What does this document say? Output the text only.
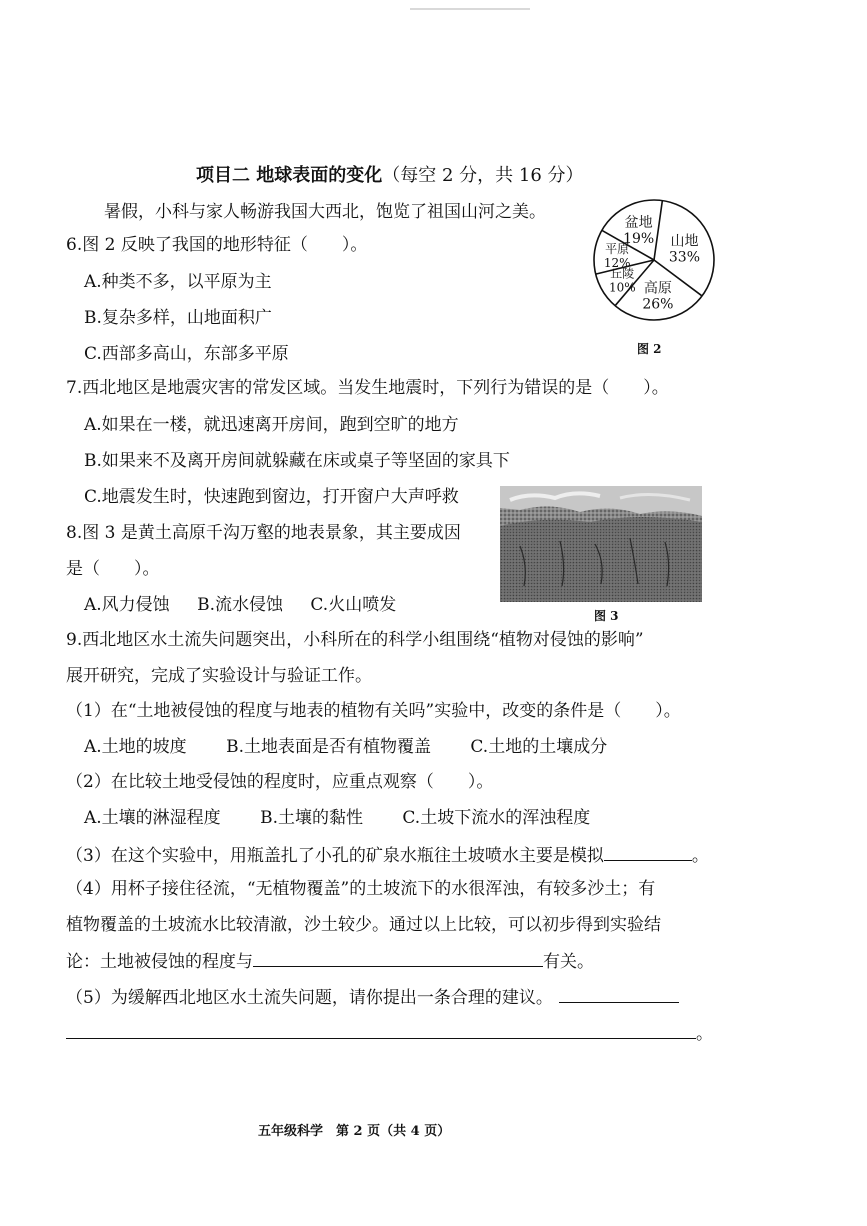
项目二 地球表面的变化（每空 2 分，共 16 分）
暑假，小科与家人畅游我国大西北，饱览了祖国山河之美。
6.图 2 反映了我国的地形特征（　　）。
A.种类不多，以平原为主
B.复杂多样，山地面积广
C.西部多高山，东部多平原
山地
33%
高原
26%
丘陵
10%
平原
12%
盆地
19%
图 2
7.西北地区是地震灾害的常发区域。当发生地震时，下列行为错误的是（　　）。
A.如果在一楼，就迅速离开房间，跑到空旷的地方
B.如果来不及离开房间就躲藏在床或桌子等坚固的家具下
C.地震发生时，快速跑到窗边，打开窗户大声呼救
8.图 3 是黄土高原千沟万壑的地表景象，其主要成因
是（　　）。
A.风力侵蚀 B.流水侵蚀 C.火山喷发
图 3
9.西北地区水土流失问题突出，小科所在的科学小组围绕“植物对侵蚀的影响”
展开研究，完成了实验设计与验证工作。
（1）在“土地被侵蚀的程度与地表的植物有关吗”实验中，改变的条件是（　　）。
A.土地的坡度 B.土地表面是否有植物覆盖 C.土地的土壤成分
（2）在比较土地受侵蚀的程度时，应重点观察（　　）。
A.土壤的淋湿程度 B.土壤的黏性 C.土坡下流水的浑浊程度
（3）在这个实验中，用瓶盖扎了小孔的矿泉水瓶往土坡喷水主要是模拟	。
（4）用杯子接住径流，“无植物覆盖”的土坡流下的水很浑浊，有较多沙土；有
植物覆盖的土坡流水比较清澈，沙土较少。通过以上比较，可以初步得到实验结
论：土地被侵蚀的程度与	有关。
（5）为缓解西北地区水土流失问题，请你提出一条合理的建议。
。
五年级科学　第 2 页（共 4 页）
